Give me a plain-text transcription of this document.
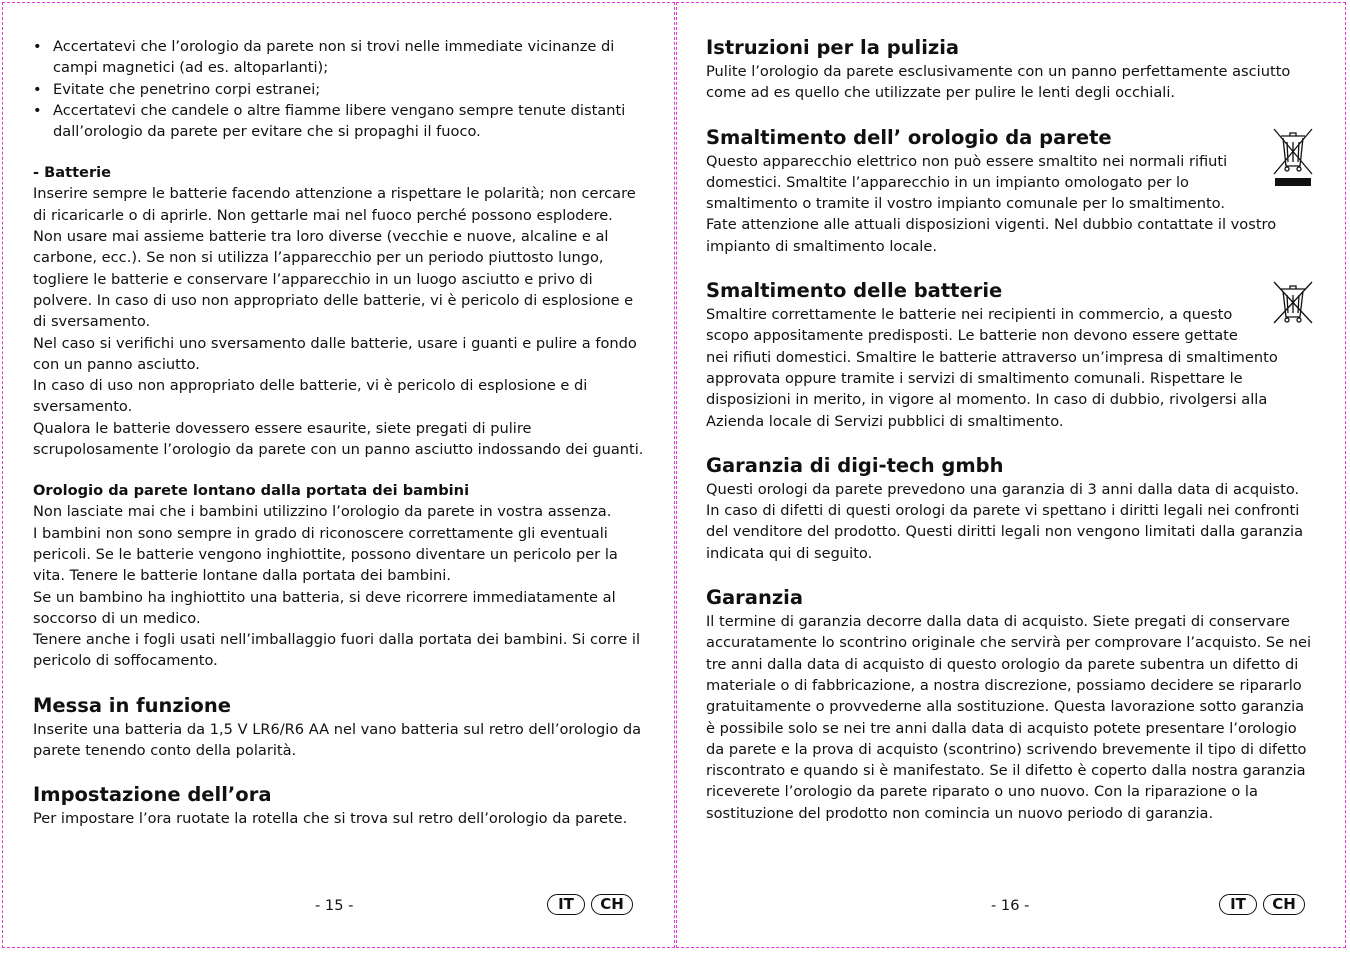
• Accertatevi che l’orologio da parete non si trovi nelle immediate vicinanze di campi magnetici (ad es. altoparlanti);
• Evitate che penetrino corpi estranei;
• Accertatevi che candele o altre fiamme libere vengano sempre tenute distanti dall’orologio da parete per evitare che si propaghi il fuoco.
- Batterie

Inserire sempre le batterie facendo attenzione a rispettare le polarità; non cercare di ricaricarle o di aprirle. Non gettarle mai nel fuoco perché possono esplodere. Non usare mai assieme batterie tra loro diverse (vecchie e nuove, alcaline e al carbone, ecc.). Se non si utilizza l’apparecchio per un periodo piuttosto lungo, togliere le batterie e conservare l’apparecchio in un luogo asciutto e privo di polvere. In caso di uso non appropriato delle batterie, vi è pericolo di esplosione e di sversamento.

Nel caso si verifichi uno sversamento dalle batterie, usare i guanti e pulire a fondo con un panno asciutto.

In caso di uso non appropriato delle batterie, vi è pericolo di esplosione e di sversamento.

Qualora le batterie dovessero essere esaurite, siete pregati di pulire scrupolosamente l’orologio da parete con un panno asciutto indossando dei guanti.

Orologio da parete lontano dalla portata dei bambini

Non lasciate mai che i bambini utilizzino l’orologio da parete in vostra assenza.

I bambini non sono sempre in grado di riconoscere correttamente gli eventuali pericoli. Se le batterie vengono inghiottite, possono diventare un pericolo per la vita. Tenere le batterie lontane dalla portata dei bambini.

Se un bambino ha inghiottito una batteria, si deve ricorrere immediatamente al soccorso di un medico.

Tenere anche i fogli usati nell’imballaggio fuori dalla portata dei bambini. Si corre il pericolo di soffocamento.

Messa in funzione

Inserite una batteria da 1,5 V LR6/R6 AA nel vano batteria sul retro dell’orologio da parete tenendo conto della polarità.

Impostazione dell’ora

Per impostare l’ora ruotate la rotella che si trova sul retro dell’orologio da parete.

- 15 -	IT CH
Istruzioni per la pulizia

Pulite l’orologio da parete esclusivamente con un panno perfettamente asciutto come ad es quello che utilizzate per pulire le lenti degli occhiali.

Smaltimento dell’ orologio da parete

Questo apparecchio elettrico non può essere smaltito nei normali rifiuti domestici. Smaltite l’apparecchio in un impianto omologato per lo smaltimento o tramite il vostro impianto comunale per lo smaltimento. Fate attenzione alle attuali disposizioni vigenti. Nel dubbio contattate il vostro impianto di smaltimento locale.

Smaltimento delle batterie

Smaltire correttamente le batterie nei recipienti in commercio, a questo scopo appositamente predisposti. Le batterie non devono essere gettate nei rifiuti domestici. Smaltire le batterie attraverso un’impresa di smaltimento approvata oppure tramite i servizi di smaltimento comunali. Rispettare le disposizioni in merito, in vigore al momento. In caso di dubbio, rivolgersi alla Azienda locale di Servizi pubblici di smaltimento.

Garanzia di digi-tech gmbh

Questi orologi da parete prevedono una garanzia di 3 anni dalla data di acquisto. In caso di difetti di questi orologi da parete vi spettano i diritti legali nei confronti del venditore del prodotto. Questi diritti legali non vengono limitati dalla garanzia indicata qui di seguito.

Garanzia

Il termine di garanzia decorre dalla data di acquisto. Siete pregati di conservare accuratamente lo scontrino originale che servirà per comprovare l’acquisto. Se nei tre anni dalla data di acquisto di questo orologio da parete subentra un difetto di materiale o di fabbricazione, a nostra discrezione, possiamo decidere se ripararlo gratuitamente o provvederne alla sostituzione. Questa lavorazione sotto garanzia è possibile solo se nei tre anni dalla data di acquisto potete presentare l’orologio da parete e la prova di acquisto (scontrino) scrivendo brevemente il tipo di difetto riscontrato e quando si è manifestato. Se il difetto è coperto dalla nostra garanzia riceverete l’orologio da parete riparato o uno nuovo. Con la riparazione o la sostituzione del prodotto non comincia un nuovo periodo di garanzia.

- 16 -	IT CH
